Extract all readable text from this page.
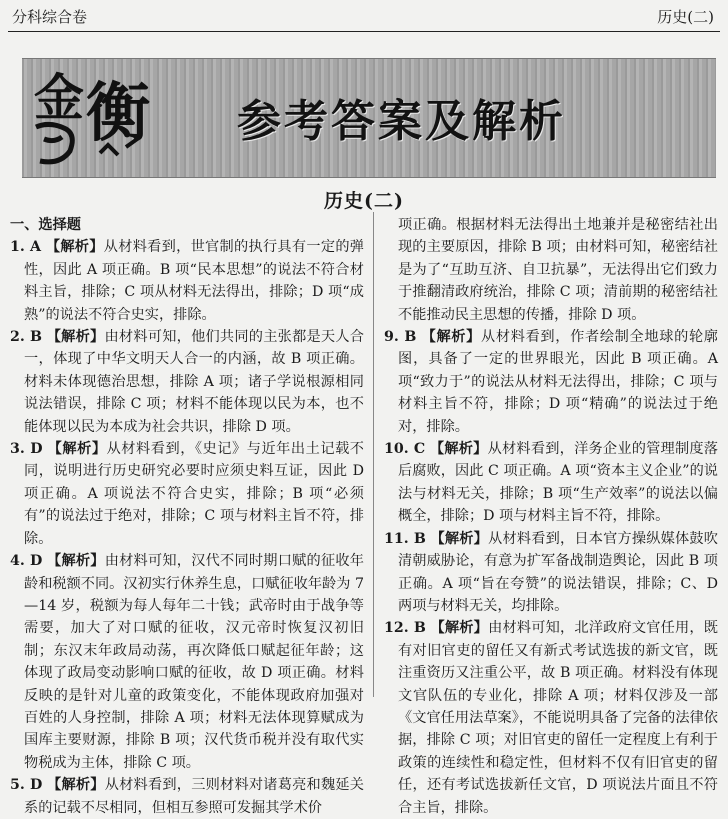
分科综合卷	历史(二)
金 衡 参考答案及解析
历史(二)
一、选择题
1. A 【解析】从材料看到，世官制的执行具有一定的弹性，因此 A 项正确。B 项“民本思想”的说法不符合材料主旨，排除；C 项从材料无法得出，排除；D 项“成熟”的说法不符合史实，排除。
2. B 【解析】由材料可知，他们共同的主张都是天人合一，体现了中华文明天人合一的内涵，故 B 项正确。材料未体现德治思想，排除 A 项；诸子学说根源相同说法错误，排除 C 项；材料不能体现以民为本，也不能体现以民为本成为社会共识，排除 D 项。
3. D 【解析】从材料看到，《史记》与近年出土记载不同，说明进行历史研究必要时应须史料互证，因此 D 项正确。A 项说法不符合史实，排除；B 项“必须有”的说法过于绝对，排除；C 项与材料主旨不符，排除。
4. D 【解析】由材料可知，汉代不同时期口赋的征收年龄和税额不同。汉初实行休养生息，口赋征收年龄为 7—14 岁，税额为每人每年二十钱；武帝时由于战争等需要，加大了对口赋的征收，汉元帝时恢复汉初旧制；东汉末年政局动荡，再次降低口赋起征年龄；这体现了政局变动影响口赋的征收，故 D 项正确。材料反映的是针对儿童的政策变化，不能体现政府加强对百姓的人身控制，排除 A 项；材料无法体现算赋成为国库主要财源，排除 B 项；汉代货币税并没有取代实物税成为主体，排除 C 项。
5. D 【解析】从材料看到，三则材料对诸葛亮和魏延关系的记载不尽相同，但相互参照可发掘其学术价
项正确。根据材料无法得出土地兼并是秘密结社出现的主要原因，排除 B 项；由材料可知，秘密结社是为了“互助互济、自卫抗暴”，无法得出它们致力于推翻清政府统治，排除 C 项；清前期的秘密结社不能推动民主思想的传播，排除 D 项。
9. B 【解析】从材料看到，作者绘制全地球的轮廓图，具备了一定的世界眼光，因此 B 项正确。A 项“致力于”的说法从材料无法得出，排除；C 项与材料主旨不符，排除；D 项“精确”的说法过于绝对，排除。
10. C 【解析】从材料看到，洋务企业的管理制度落后腐败，因此 C 项正确。A 项“资本主义企业”的说法与材料无关，排除；B 项“生产效率”的说法以偏概全，排除；D 项与材料主旨不符，排除。
11. B 【解析】从材料看到，日本官方操纵媒体鼓吹清朝威胁论，有意为扩军备战制造舆论，因此 B 项正确。A 项“旨在夸赞”的说法错误，排除；C、D 两项与材料无关，均排除。
12. B 【解析】由材料可知，北洋政府文官任用，既有对旧官吏的留任又有新式考试选拔的新文官，既注重资历又注重公平，故 B 项正确。材料没有体现文官队伍的专业化，排除 A 项；材料仅涉及一部《文官任用法草案》，不能说明具备了完备的法律依据，排除 C 项；对旧官吏的留任一定程度上有利于政策的连续性和稳定性，但材料不仅有旧官吏的留任，还有考试选拔新任文官，D 项说法片面且不符合主旨，排除。
